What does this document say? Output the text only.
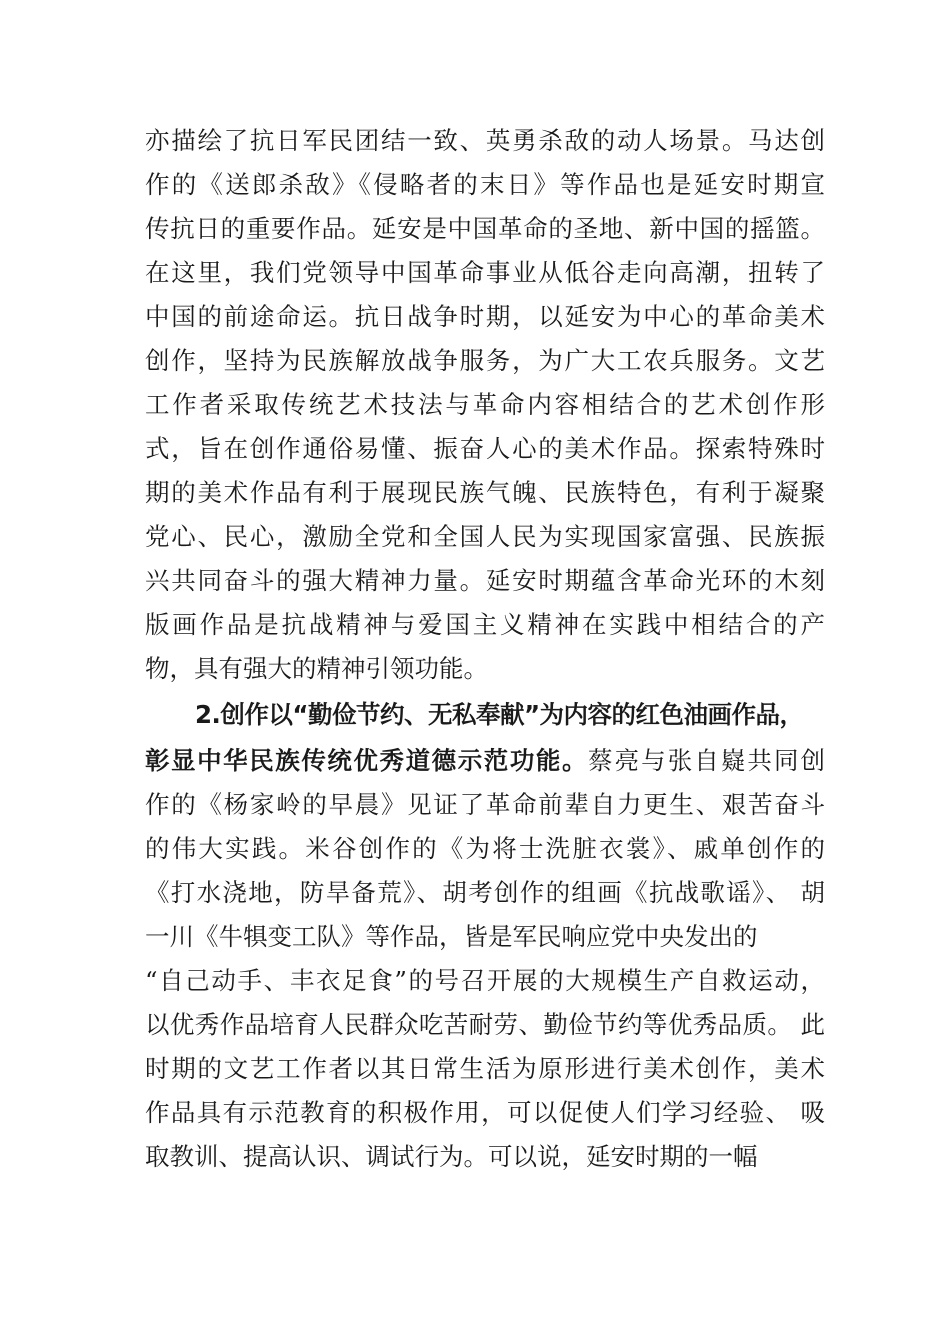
亦描绘了抗日军民团结一致、英勇杀敌的动人场景。马达创
作的《送郎杀敌》《侵略者的末日》等作品也是延安时期宣
传抗日的重要作品。延安是中国革命的圣地、新中国的摇篮。
在这里，我们党领导中国革命事业从低谷走向高潮，扭转了
中国的前途命运。抗日战争时期，以延安为中心的革命美术
创作，坚持为民族解放战争服务，为广大工农兵服务。文艺
工作者采取传统艺术技法与革命内容相结合的艺术创作形
式，旨在创作通俗易懂、振奋人心的美术作品。探索特殊时
期的美术作品有利于展现民族气魄、民族特色，有利于凝聚
党心、民心，激励全党和全国人民为实现国家富强、民族振
兴共同奋斗的强大精神力量。延安时期蕴含革命光环的木刻
版画作品是抗战精神与爱国主义精神在实践中相结合的产
物，具有强大的精神引领功能。
2.创作以“勤俭节约、无私奉献”为内容的红色油画作品，
彰显中华民族传统优秀道德示范功能。蔡亮与张自嶷共同创
作的《杨家岭的早晨》见证了革命前辈自力更生、艰苦奋斗
的伟大实践。米谷创作的《为将士洗脏衣裳》、戚单创作的
《打水浇地，防旱备荒》、胡考创作的组画《抗战歌谣》、 胡
一川《牛犋变工队》等作品，皆是军民响应党中央发出的
“自己动手、丰衣足食”的号召开展的大规模生产自救运动，
以优秀作品培育人民群众吃苦耐劳、勤俭节约等优秀品质。 此
时期的文艺工作者以其日常生活为原形进行美术创作，美术
作品具有示范教育的积极作用，可以促使人们学习经验、 吸
取教训、提高认识、调试行为。可以说，延安时期的一幅
